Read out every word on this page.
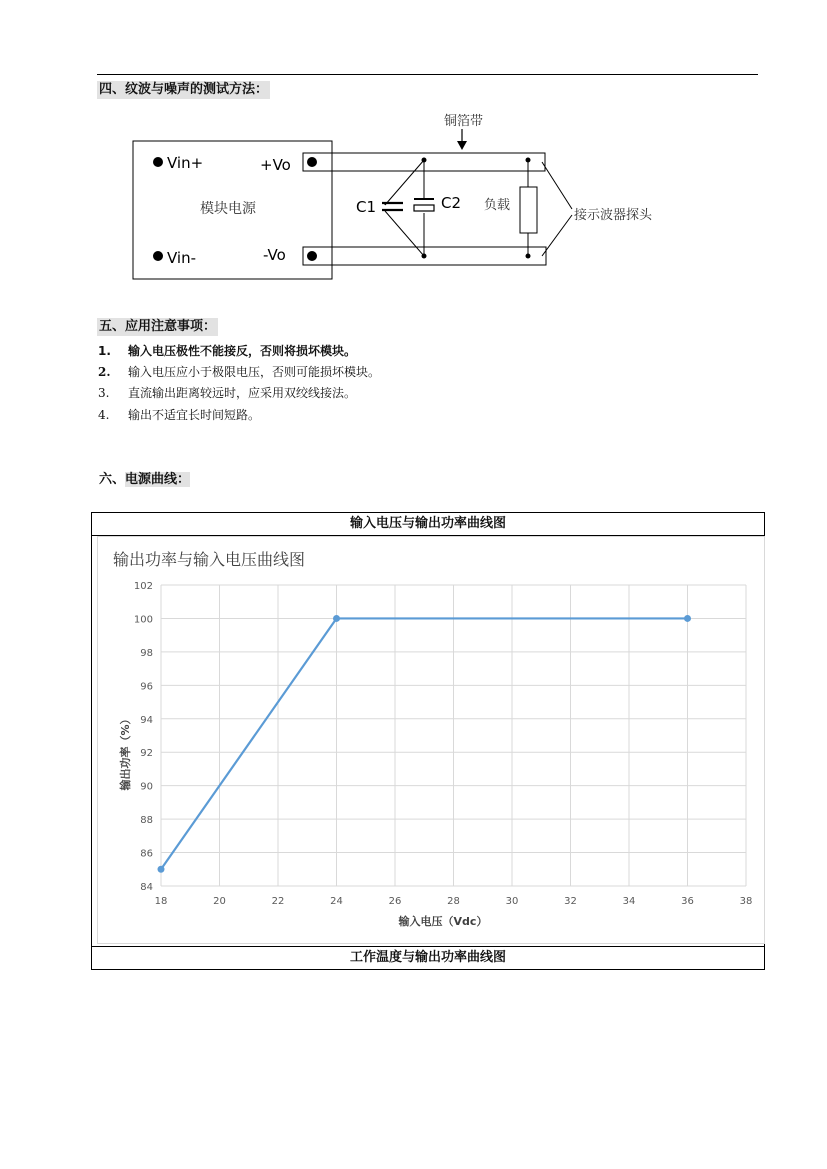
四、纹波与噪声的测试方法：
Vin+
Vin-
+Vo
-Vo
模块电源
铜箔带
C1	C2 负载
接示波器探头
五、应用注意事项：
1. 输入电压极性不能接反，否则将损坏模块。
2. 输入电压应小于极限电压，否则可能损坏模块。
3. 直流输出距离较远时，应采用双绞线接法。
4. 输出不适宜长时间短路。
六、电源曲线：
输入电压与输出功率曲线图
工作温度与输出功率曲线图
输出功率与输入电压曲线图
84
86
88
90
92
94
96
98
100
102
18	20	22	24	26	28	30	32	34	36	38
输入电压（Vdc）
输出功率（%）
